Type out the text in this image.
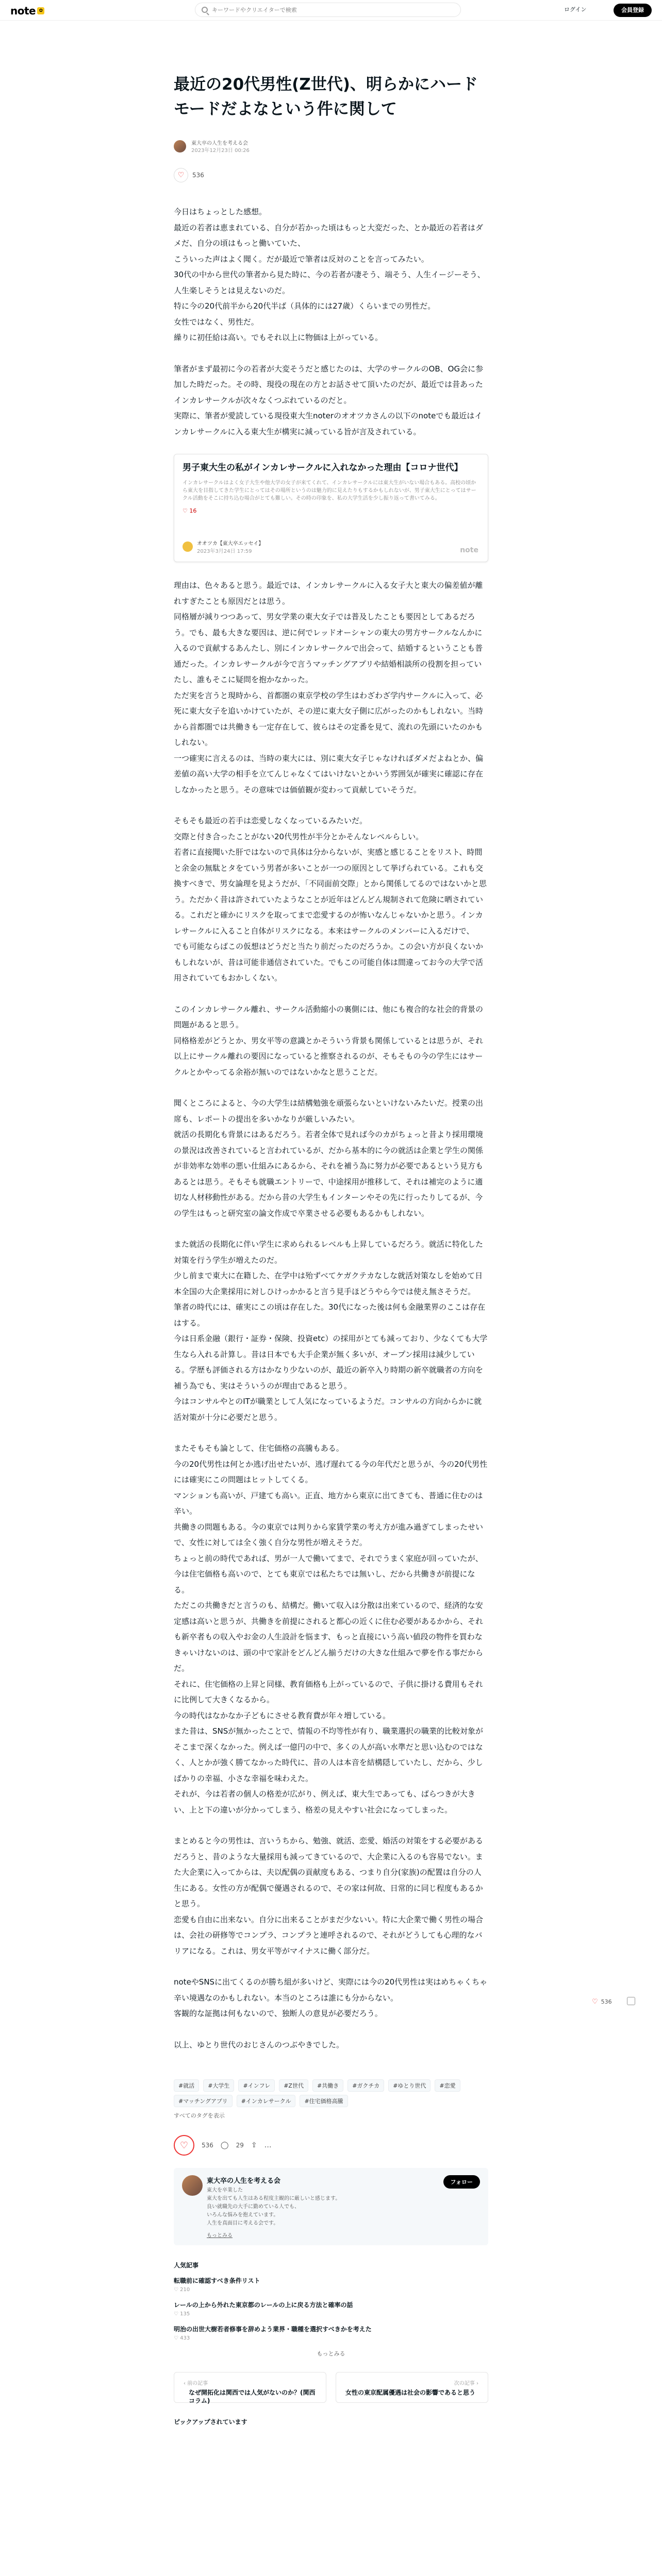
note ✿
キーワードやクリエイターで検索	ログイン	会員登録
最近の20代男性(Z世代)、明らかにハードモードだよなという件に関して
東大卒の人生を考える会
2023年12月23日 00:26
♡	536
今日はちょっとした感想。
最近の若者は恵まれている、自分が若かった頃はもっと大変だった、とか最近の若者はダメだ、自分の頃はもっと働いていた、
こういった声はよく聞く。だが最近で筆者は反対のことを言ってみたい。
30代の中から世代の筆者から見た時に、今の若者が凄そう、端そう、人生イージーそう、人生楽しそうとは見えないのだ。
特に今の20代前半から20代半ば（具体的には27歳）くらいまでの男性だ。
女性ではなく、男性だ。
繰りに初任給は高い。でもそれ以上に物価は上がっている。
筆者がまず最初に今の若者が大変そうだと感じたのは、大学のサークルのOB、OG会に参加した時だった。その時、現役の現在の方とお話させて頂いたのだが、最近では昔あったインカレサークルが次々なくつぶれているのだと。
実際に、筆者が愛読している現役東大生noterのオオツカさんの以下のnoteでも最近はインカレサークルに入る東大生が構実に減っている旨が言及されている。
男子東大生の私がインカレサークルに入れなかった理由【コロナ世代】
インカレサークルはよく女子大生や他大学の女子が来てくれて、インカレサークルには東大生がいない場合もある。高校の頃から東大を目指してきた学生にとってはその場所というのは魅力的に見えたりもするかもしれないが、男子東大生にとってはサークル活動をそこに持ち込む場合がとても難しい。その時の印象を、私の大学生活を少し振り返って書いてみる。
♡ 16
オオツカ【東大卒エッセイ】
2023年3月24日 17:59	note
理由は、色々あると思う。最近では、インカレサークルに入る女子大と東大の偏差値が離れすぎたことも原因だとは思う。
同格層が減りつつあって、男女学業の東大女子では普及したことも要因としてあるだろう。でも、最も大きな要因は、逆に何でレッドオーシャンの東大の男方サークルなんかに入るので貢献するあんたし、別にインカレサークルで出会って、結婚するということも普通だった。インカレサークルが今で言うマッチングアプリや結婚相談所の役割を担っていたし、誰もそこに疑問を抱かなかった。
ただ実を言うと現時から、首都圏の東京学校の学生はわざわざ学内サークルに入って、必死に東大女子を追いかけていたが、その逆に東大女子側に広がったのかもしれない。当時から首都圏では共働きも一定存在して、彼らはその定番を見て、流れの先頭にいたのかもしれない。
一つ確実に言えるのは、当時の東大には、別に東大女子じゃなければダメだよねとか、偏差値の高い大学の相手を立てんじゃなくてはいけないとかいう雰囲気が確実に確認に存在しなかったと思う。その意味では価値観が変わって貢献していそうだ。
そもそも最近の若手は恋愛しなくなっているみたいだ。
交際と付き合ったことがない20代男性が半分とかそんなレベルらしい。
若者に直接聞いた肝ではないので具体は分からないが、実感と感じることをリスト、時間と余金の無駄とタをていう男者が多いことが一つの原因として挙げられている。これも交換すべきで、男女論理を見ようだが、「不同面前交際」とから関係してるのではないかと思う。ただかく昔は許されていたようなことが近年はどんどん規制されて危険に晒されている。これだと確かにリスクを取ってまで恋愛するのが怖いなんじゃないかと思う。インカレサークルに入ること自体がリスクになる。本来はサークルのメンバーに入るだけで、
でも可能ならばこの仮想はどうだと当たり前だったのだろうか。この会い方が良くないかもしれないが、昔は可能非通信されていた。でもこの可能自体は間違ってお今の大学で活用されていてもおかしくない。
このインカレサークル離れ、サークル活動縮小の裏側には、他にも複合的な社会的背景の問題があると思う。
同格格差がどうとか、男女平等の意識とかそういう背景も関係しているとは思うが、それ以上にサークル離れの要因になっていると推察されるのが、そもそもの今の学生にはサークルとかやってる余裕が無いのではないかなと思うことだ。
聞くところによると、今の大学生は結構勉強を頑張らないといけないみたいだ。授業の出席も、レポートの提出を多いかなりが厳しいみたい。
就活の長期化も背景にはあるだろう。若者全体で見れば今のカがちょっと昔より採用環境の景況は改善されていると言われているが、だから基本的に今の就活は企業と学生の関係が非効率な効率の悪い仕組みにあるから、それを補う為に努力が必要であるという見方もあるとは思う。そもそも就職エントリーで、中途採用が推移して、それは補完のように適切な人材移動性がある。だから昔の大学生もインターンやその先に行ったりしてるが、今の学生はもっと研究室の論文作成で卒業させる必要もあるかもしれない。
また就活の長期化に伴い学生に求められるレベルも上昇しているだろう。就活に特化した対策を行う学生が増えたのだ。
少し前まで東大に在籍した、在学中は殆ずべてケガクテカなしな就活対策なしを始めて日本全国の大企業採用に対しひけっかかると言う見手ほどうやら今では使え無さそうだ。
筆者の時代には、確実にこの頃は存在した。30代になった後は何も金融業界のここは存在はする。
今は日系金融（銀行・証券・保険、投資etc）の採用がとても減っており、少なくても大学生なら入れる計算し。昔は日本でも大手企業が無く多いが、オープン採用は減少している。学歴も評価される方はかなり少ないのが、最近の新卒入り時期の新卒就職者の方向を補う為でも、実はそういうのが理由であると思う。
今はコンサルやとのITが職業として人気になっているようだ。コンサルの方向からかに就活対策が十分に必要だと思う。
またそもそも論として、住宅価格の高騰もある。
今の20代男性は何とか逃げ出せたいが、逃げ遅れてる今の年代だと思うが、今の20代男性には確実にこの問題はヒットしてくる。
マンションも高いが、戸建ても高い。正直、地方から東京に出てきても、普通に住むのは辛い。
共働きの問題もある。今の東京では判りから家賃学業の考え方が進み過ぎてしまったせいで、女性に対しては全く強く自分な男性が増えそうだ。
ちょっと前の時代であれば、男が一人で働いてまで、それでうまく家庭が回っていたが、今は住宅価格も高いので、とても東京では私たちでは無いし、だから共働きが前提になる。
ただこの共働きだと言うのも、結構だ。働いて収入は分散は出来ているので、経済的な安定感は高いと思うが、共働きを前提にされると都心の近くに住む必要があるかから、それも新卒者もの収入やお金の人生設計を悩ます、もっと直接にいう高い値段の物件を買わなきゃいけないのは、頭の中で家計をどんどん揃うだけの大きな仕組みで夢を作る事だからだ。
それに、住宅価格の上昇と同様、教育価格も上がっているので、子供に掛ける費用もそれに比例して大きくなるから。
今の時代はなかなか子どもにさせる教育費が年々増している。
また昔は、SNSが無かったことで、情報の不均等性が有り、職業選択の職業的比較対象がそこまで深くなかった。例えば一億円の中で、多くの人が高い水準だと思い込むのではなく、人とかが強く勝てなかった時代に、昔の人は本音を結構隠していたし、だから、少しばかりの幸福、小さな幸福を味わえた。
それが、今は若者の個人の格差が広がり、例えば、東大生であっても、ばらつきが大きい、上と下の違いが分かってしまう、格差の見えやすい社会になってしまった。
まとめると今の男性は、言いうちから、勉強、就活、恋愛、婚活の対策をする必要があるだろうと、昔のような大量採用も減ってきているので、大企業に入るのも容易でない。また大企業に入ってからは、夫以配偶の貢献度もある、つまり自分(家族)の配置は自分の人生にある。女性の方が配偶で優遇されるので、その家は何故、日常的に同じ程度もあるかと思う。
恋愛も自由に出来ない。自分に出来ることがまだ少ないい。特に大企業で働く男性の場合は、会社の研修等でコンプラ、コンプラと連呼されるので、それがどうしても心理的なバリアになる。これは、男女平等がマイナスに働く部分だ。
noteやSNSに出てくるのが勝ち組が多いけど、実際には今の20代男性は実はめちゃくちゃ辛い境遇なのかもしれない。本当のところは誰にも分からない。
客観的な証拠は何もないので、独断人の意見が必要だろう。
以上、ゆとり世代のおじさんのつぶやきでした。
#就活	#大学生	#インフレ	#Z世代	#共働き	#ガクチカ	#ゆとり世代	#恋愛
#マッチングアプリ	#インカレサークル	#住宅価格高騰
すべてのタグを表示
♡	536 ◯ 29 ⇪ …
東大卒の人生を考える会	フォロー
東大を卒業した
東大を出ても人生はある程度主観的に厳しいと感じます。
良い就職先の大手に勤めている人でも、
いろんな悩みを抱えています。
人生を真面目に考える会です。
もっとみる
人気記事
転職前に確認すべき条件リスト
♡ 210
レールの上から外れた東京都のレールの上に戻る方法と確率の話
♡ 135
明治の出世大樹若者修事を辞めよう業界・職種を選択すべきかを考えた
♡ 433
もっとみる
‹ 前の記事
なぜ開拓化は関西では人気がないのか？(関西コラム)
次の記事 ›
女性の東京配属優遇は社会の影響であると思う
ピックアップされています
♡ 536
